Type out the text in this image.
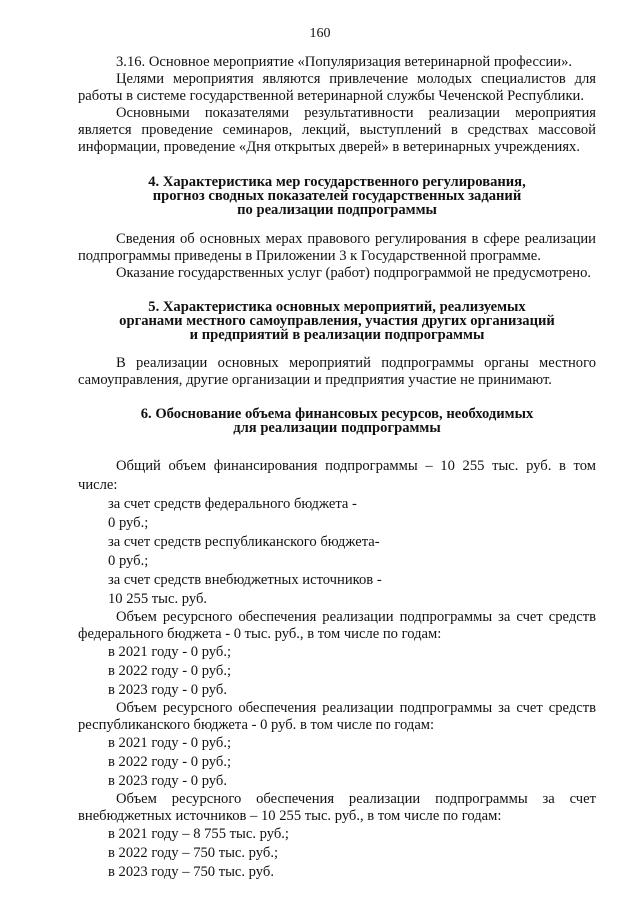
160

3.16. Основное мероприятие «Популяризация ветеринарной профессии».

Целями мероприятия являются привлечение молодых специалистов для работы в системе государственной ветеринарной службы Чеченской Республики.

Основными показателями результативности реализации мероприятия является проведение семинаров, лекций, выступлений в средствах массовой информации, проведение «Дня открытых дверей» в ветеринарных учреждениях.

4. Характеристика мер государственного регулирования,
прогноз сводных показателей государственных заданий
по реализации подпрограммы

Сведения об основных мерах правового регулирования в сфере реализации подпрограммы приведены в Приложении 3 к Государственной программе.

Оказание государственных услуг (работ) подпрограммой не предусмотрено.

5. Характеристика основных мероприятий, реализуемых
органами местного самоуправления, участия других организаций
и предприятий в реализации подпрограммы

В реализации основных мероприятий подпрограммы органы местного самоуправления, другие организации и предприятия участие не принимают.

6. Обоснование объема финансовых ресурсов, необходимых
для реализации подпрограммы

Общий объем финансирования подпрограммы – 10 255 тыс. руб. в том числе:

за счет средств федерального бюджета -

0 руб.;

за счет средств республиканского бюджета-

0 руб.;

за счет средств внебюджетных источников -

10 255 тыс. руб.

Объем ресурсного обеспечения реализации подпрограммы за счет средств федерального бюджета - 0 тыс. руб., в том числе по годам:

в 2021 году - 0 руб.;

в 2022 году - 0 руб.;

в 2023 году - 0 руб.

Объем ресурсного обеспечения реализации подпрограммы за счет средств республиканского бюджета - 0 руб. в том числе по годам:

в 2021 году - 0 руб.;

в 2022 году - 0 руб.;

в 2023 году - 0 руб.

Объем ресурсного обеспечения реализации подпрограммы за счет внебюджетных источников – 10 255 тыс. руб., в том числе по годам:

в 2021 году – 8 755 тыс. руб.;

в 2022 году – 750 тыс. руб.;

в 2023 году – 750 тыс. руб.
